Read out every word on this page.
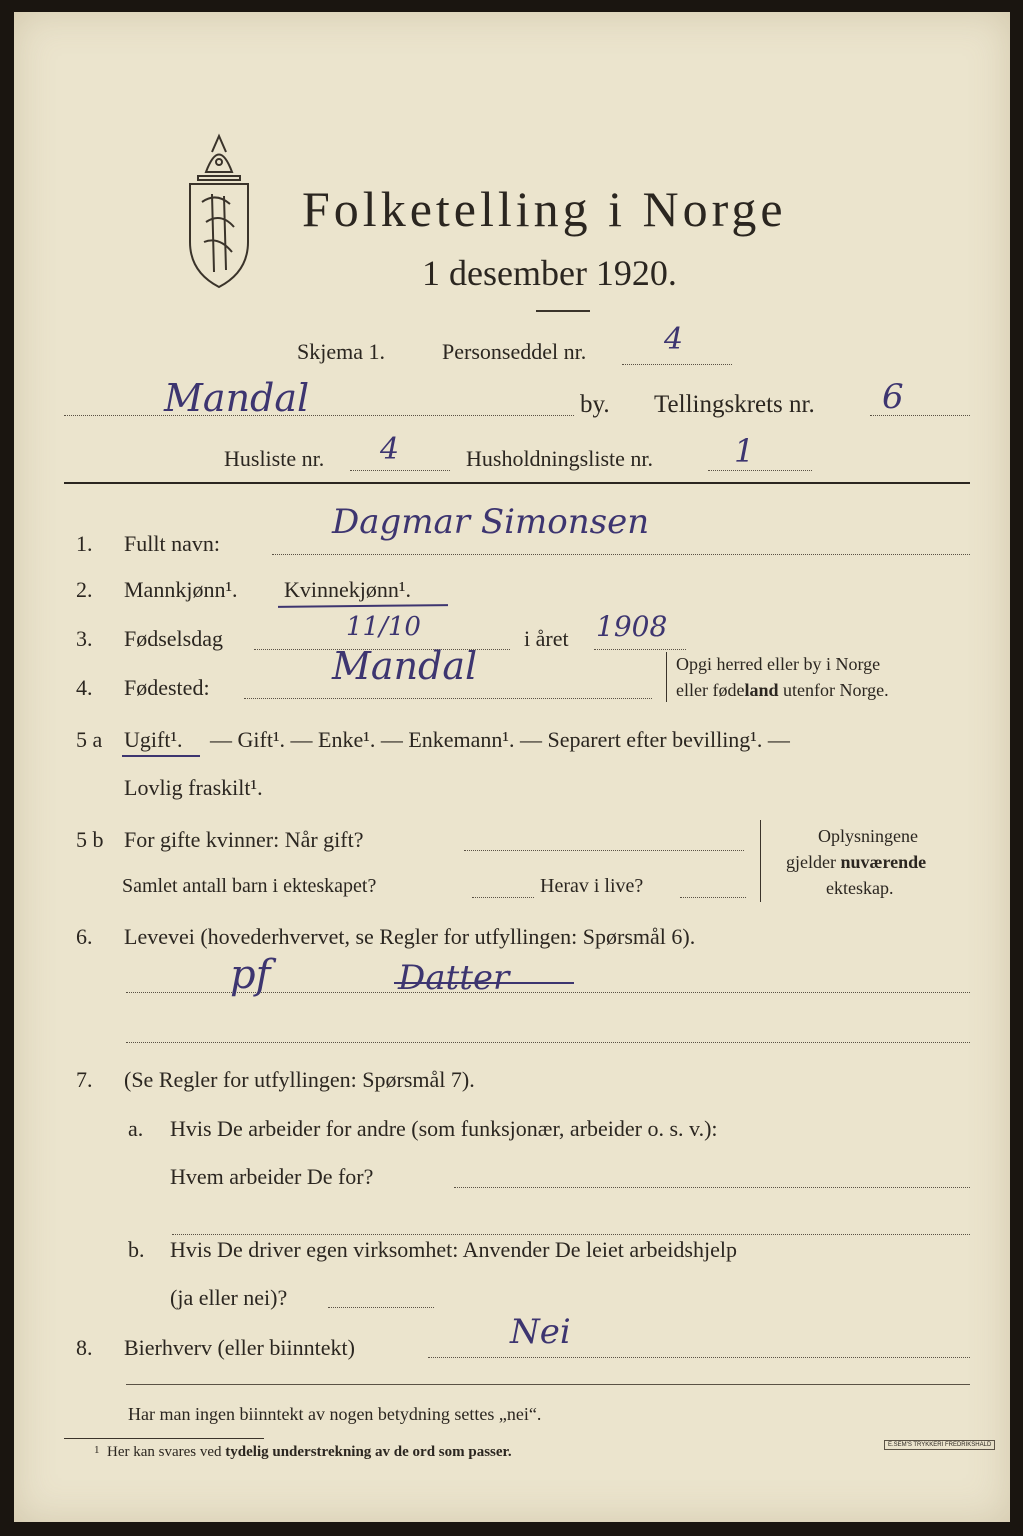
Folketelling i Norge
1 desember 1920.
Skjema 1.	Personseddel nr.	4
Mandal	by. Tellingskrets nr. 6
Husliste nr. 4	Husholdningsliste nr.	1
1. Fullt navn:
Dagmar Simonsen
2. Mannkjønn¹. Kvinnekjønn¹.
3. Fødselsdag	11/10	i året 1908
4. Fødested:	Mandal	Opgi herred eller by i Norge
eller fødeland utenfor Norge.
5 a Ugift¹. — Gift¹. — Enke¹. — Enkemann¹. — Separert efter bevilling¹. —
Lovlig fraskilt¹.
5 b For gifte kvinner: Når gift?
Samlet antall barn i ekteskapet?	Herav i live?
Oplysningene
gjelder nuværende
ekteskap.
6. Levevei (hovederhvervet, se Regler for utfyllingen: Spørsmål 6).
pf	Datter
7. (Se Regler for utfyllingen: Spørsmål 7).
a. Hvis De arbeider for andre (som funksjonær, arbeider o. s. v.):
Hvem arbeider De for?
b. Hvis De driver egen virksomhet: Anvender De leiet arbeidshjelp
(ja eller nei)?
8. Bierhverv (eller biinntekt)	Nei
Har man ingen biinntekt av nogen betydning settes „nei“.
$^1$ Her kan svares ved tydelig understrekning av de ord som passer.	E.SEM'S TRYKKERI FREDRIKSHALD
